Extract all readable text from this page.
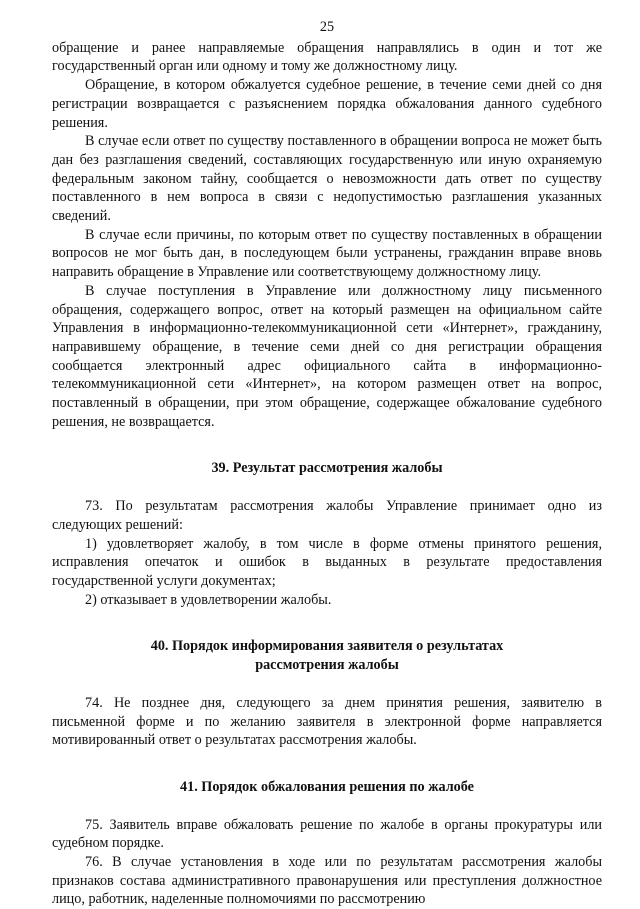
25

обращение и ранее направляемые обращения направлялись в один и тот же государственный орган или одному и тому же должностному лицу.

Обращение, в котором обжалуется судебное решение, в течение семи дней со дня регистрации возвращается с разъяснением порядка обжалования данного судебного решения.

В случае если ответ по существу поставленного в обращении вопроса не может быть дан без разглашения сведений, составляющих государственную или иную охраняемую федеральным законом тайну, сообщается о невозможности дать ответ по существу поставленного в нем вопроса в связи с недопустимостью разглашения указанных сведений.

В случае если причины, по которым ответ по существу поставленных в обращении вопросов не мог быть дан, в последующем были устранены, гражданин вправе вновь направить обращение в Управление или соответствующему должностному лицу.

В случае поступления в Управление или должностному лицу письменного обращения, содержащего вопрос, ответ на который размещен на официальном сайте Управления в информационно-телекоммуникационной сети «Интернет», гражданину, направившему обращение, в течение семи дней со дня регистрации обращения сообщается электронный адрес официального сайта в информационно-телекоммуникационной сети «Интернет», на котором размещен ответ на вопрос, поставленный в обращении, при этом обращение, содержащее обжалование судебного решения, не возвращается.

39. Результат рассмотрения жалобы

73. По результатам рассмотрения жалобы Управление принимает одно из следующих решений:

1) удовлетворяет жалобу, в том числе в форме отмены принятого решения, исправления опечаток и ошибок в выданных в результате предоставления государственной услуги документах;

2) отказывает в удовлетворении жалобы.

40. Порядок информирования заявителя о результатах
рассмотрения жалобы

74. Не позднее дня, следующего за днем принятия решения, заявителю в письменной форме и по желанию заявителя в электронной форме направляется мотивированный ответ о результатах рассмотрения жалобы.

41. Порядок обжалования решения по жалобе

75. Заявитель вправе обжаловать решение по жалобе в органы прокуратуры или судебном порядке.

76. В случае установления в ходе или по результатам рассмотрения жалобы признаков состава административного правонарушения или преступления должностное лицо, работник, наделенные полномочиями по рассмотрению
